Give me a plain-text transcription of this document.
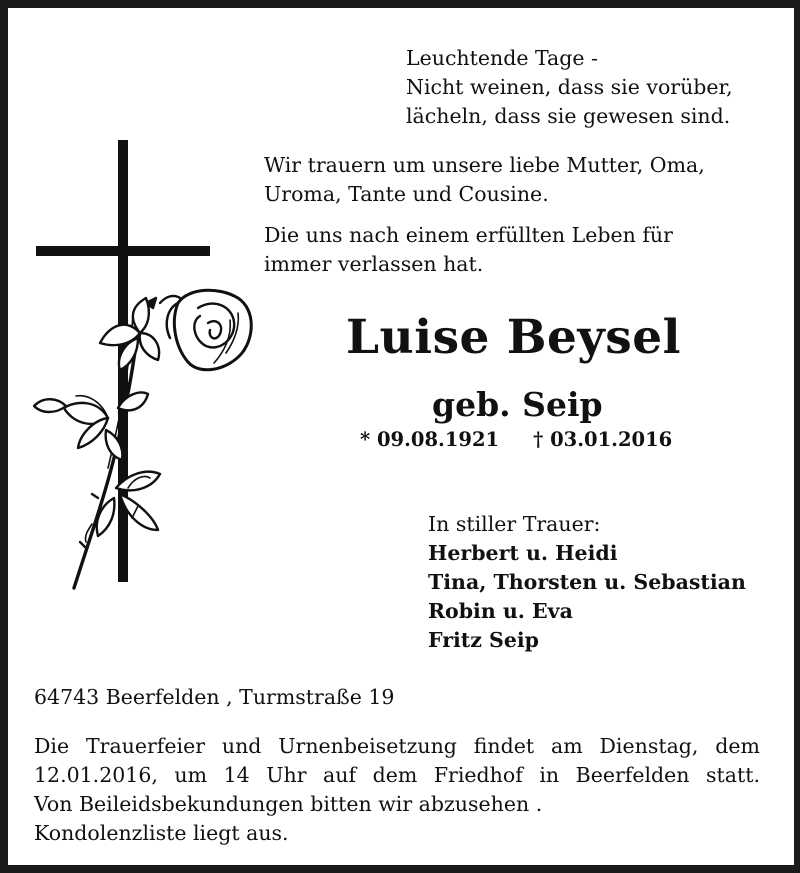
Leuchtende Tage -
Nicht weinen, dass sie vorüber,
lächeln, dass sie gewesen sind.
Wir trauern um unsere liebe Mutter, Oma,
Uroma, Tante und Cousine.
Die uns nach einem erfüllten Leben für
immer verlassen hat.
Luise Beysel
geb. Seip
* 09.08.1921 † 03.01.2016
In stiller Trauer:
Herbert u. Heidi
Tina, Thorsten u. Sebastian
Robin u. Eva
Fritz Seip
64743 Beerfelden , Turmstraße 19
Die Trauerfeier und Urnenbeisetzung findet am Dienstag, dem
12.01.2016, um 14 Uhr auf dem Friedhof in Beerfelden statt.
Von Beileidsbekundungen bitten wir abzusehen .
Kondolenzliste liegt aus.
